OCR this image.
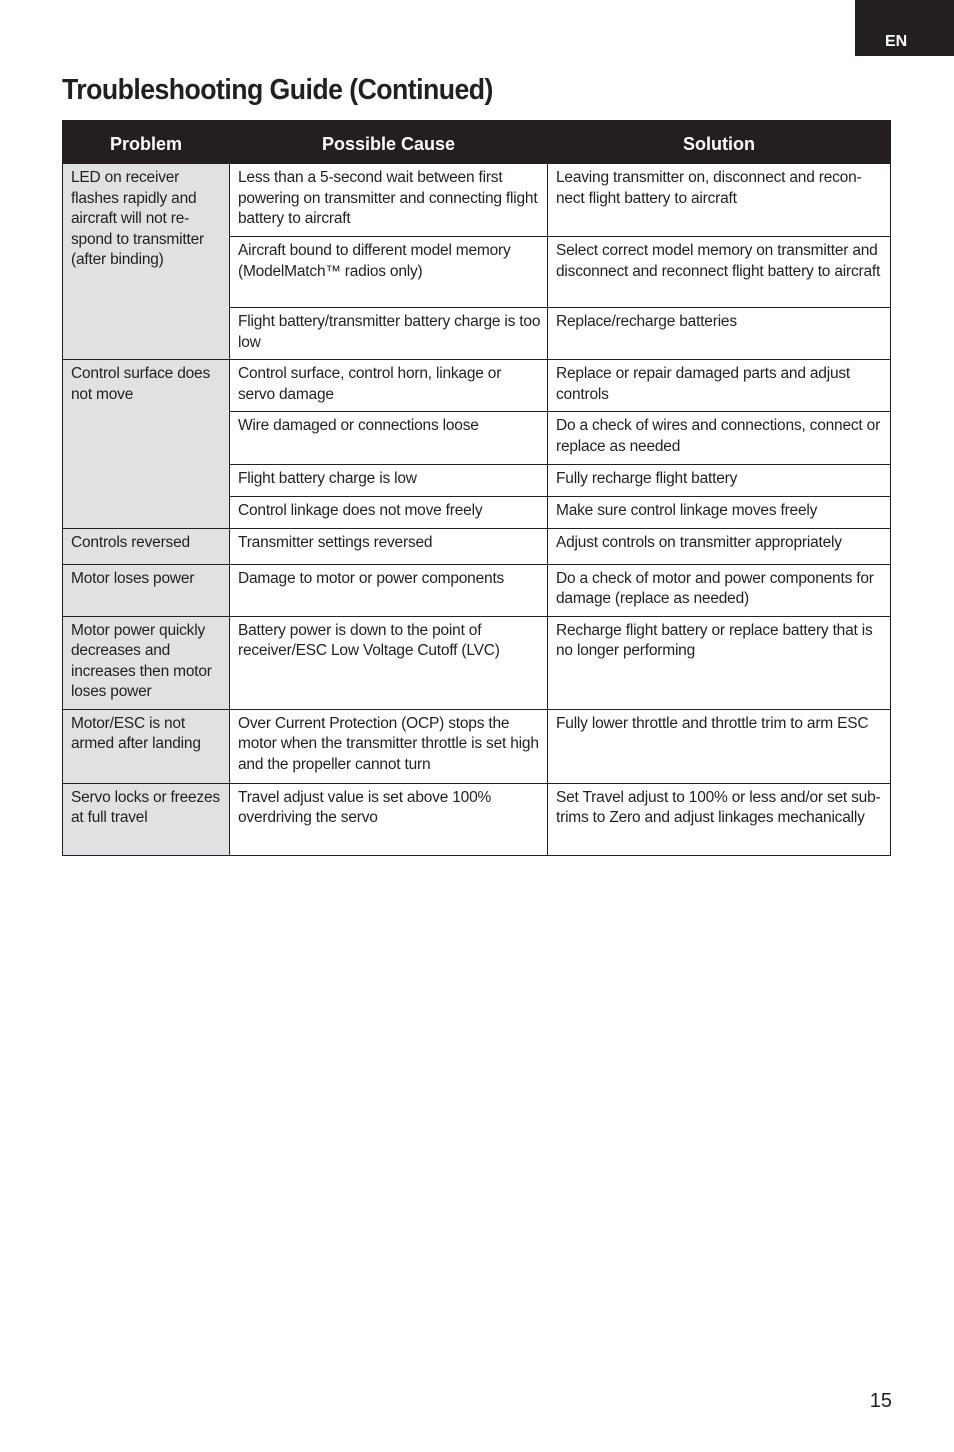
EN
Troubleshooting Guide (Continued)
Problem	Possible Cause	Solution

LED on receiver flashes rapidly and aircraft will not re-spond to transmitter (after binding)	Less than a 5-second wait between first powering on transmitter and connecting flight battery to aircraft	Leaving transmitter on, disconnect and recon-nect flight battery to aircraft

	Aircraft bound to different model memory (ModelMatch™ radios only)	Select correct model memory on transmitter and disconnect and reconnect flight battery to aircraft

	Flight battery/transmitter battery charge is too low	Replace/recharge batteries

Control surface does not move	Control surface, control horn, linkage or servo damage	Replace or repair damaged parts and adjust controls

	Wire damaged or connections loose	Do a check of wires and connections, connect or replace as needed

	Flight battery charge is low	Fully recharge flight battery

	Control linkage does not move freely	Make sure control linkage moves freely

Controls reversed	Transmitter settings reversed	Adjust controls on transmitter appropriately

Motor loses power	Damage to motor or power components	Do a check of motor and power components for damage (replace as needed)

Motor power quickly decreases and increases then motor loses power	Battery power is down to the point of receiver/ESC Low Voltage Cutoff (LVC)	Recharge flight battery or replace battery that is no longer performing

Motor/ESC is not armed after landing	Over Current Protection (OCP) stops the motor when the transmitter throttle is set high and the propeller cannot turn	Fully lower throttle and throttle trim to arm ESC

Servo locks or freezes at full travel	Travel adjust value is set above 100% overdriving the servo	Set Travel adjust to 100% or less and/or set sub-trims to Zero and adjust linkages mechanically
15
